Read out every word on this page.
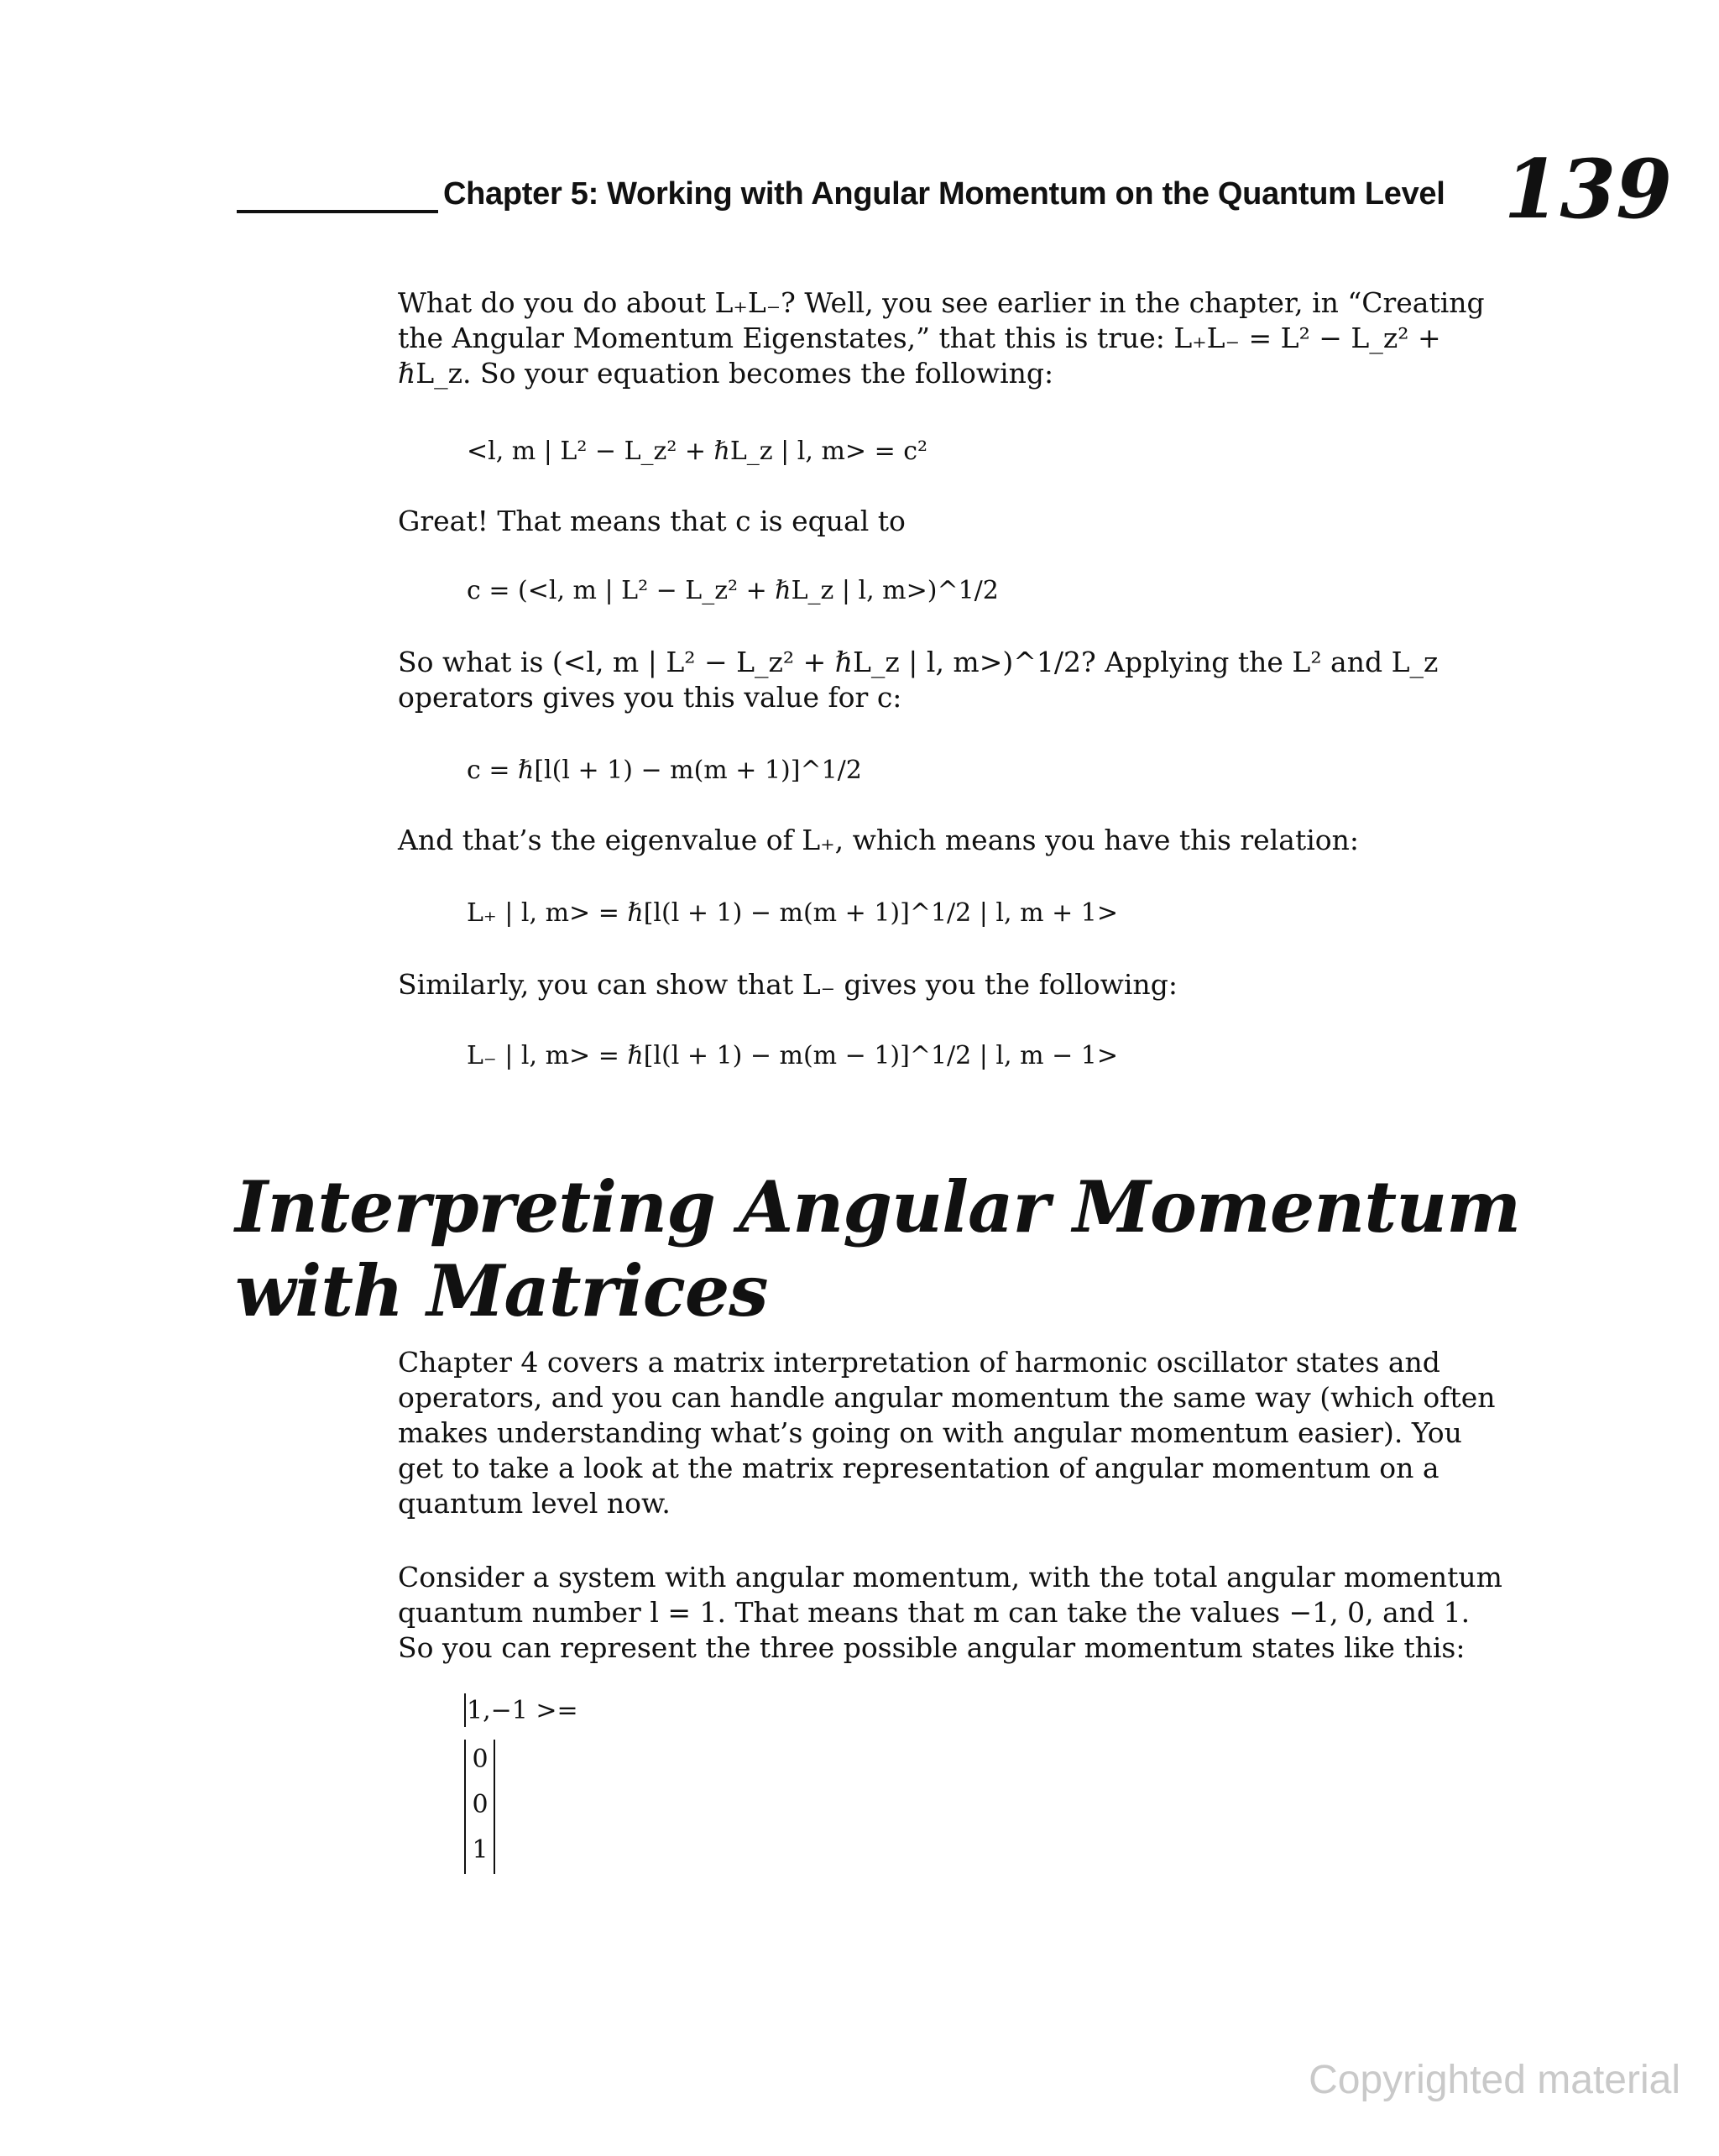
Chapter 5: Working with Angular Momentum on the Quantum Level 139

What do you do about L₊L₋? Well, you see earlier in the chapter, in “Creating the Angular Momentum Eigenstates,” that this is true: L₊L₋ = L² − L_z² + ℏL_z. So your equation becomes the following:

<l, m | L² − L_z² + ℏL_z | l, m> = c²

Great! That means that c is equal to

c = (<l, m | L² − L_z² + ℏL_z | l, m>)^1/2

So what is (<l, m | L² − L_z² + ℏL_z | l, m>)^1/2? Applying the L² and L_z operators gives you this value for c:

c = ℏ[l(l + 1) − m(m + 1)]^1/2

And that’s the eigenvalue of L₊, which means you have this relation:

L₊ | l, m> = ℏ[l(l + 1) − m(m + 1)]^1/2 | l, m + 1>

Similarly, you can show that L₋ gives you the following:

L₋ | l, m> = ℏ[l(l + 1) − m(m − 1)]^1/2 | l, m − 1>
Interpreting Angular Momentum
with Matrices

Chapter 4 covers a matrix interpretation of harmonic oscillator states and operators, and you can handle angular momentum the same way (which often makes understanding what’s going on with angular momentum easier). You get to take a look at the matrix representation of angular momentum on a quantum level now.

Consider a system with angular momentum, with the total angular momentum quantum number l = 1. That means that m can take the values −1, 0, and 1. So you can represent the three possible angular momentum states like this:

1,−1 >=
0
0
1
Copyrighted material
